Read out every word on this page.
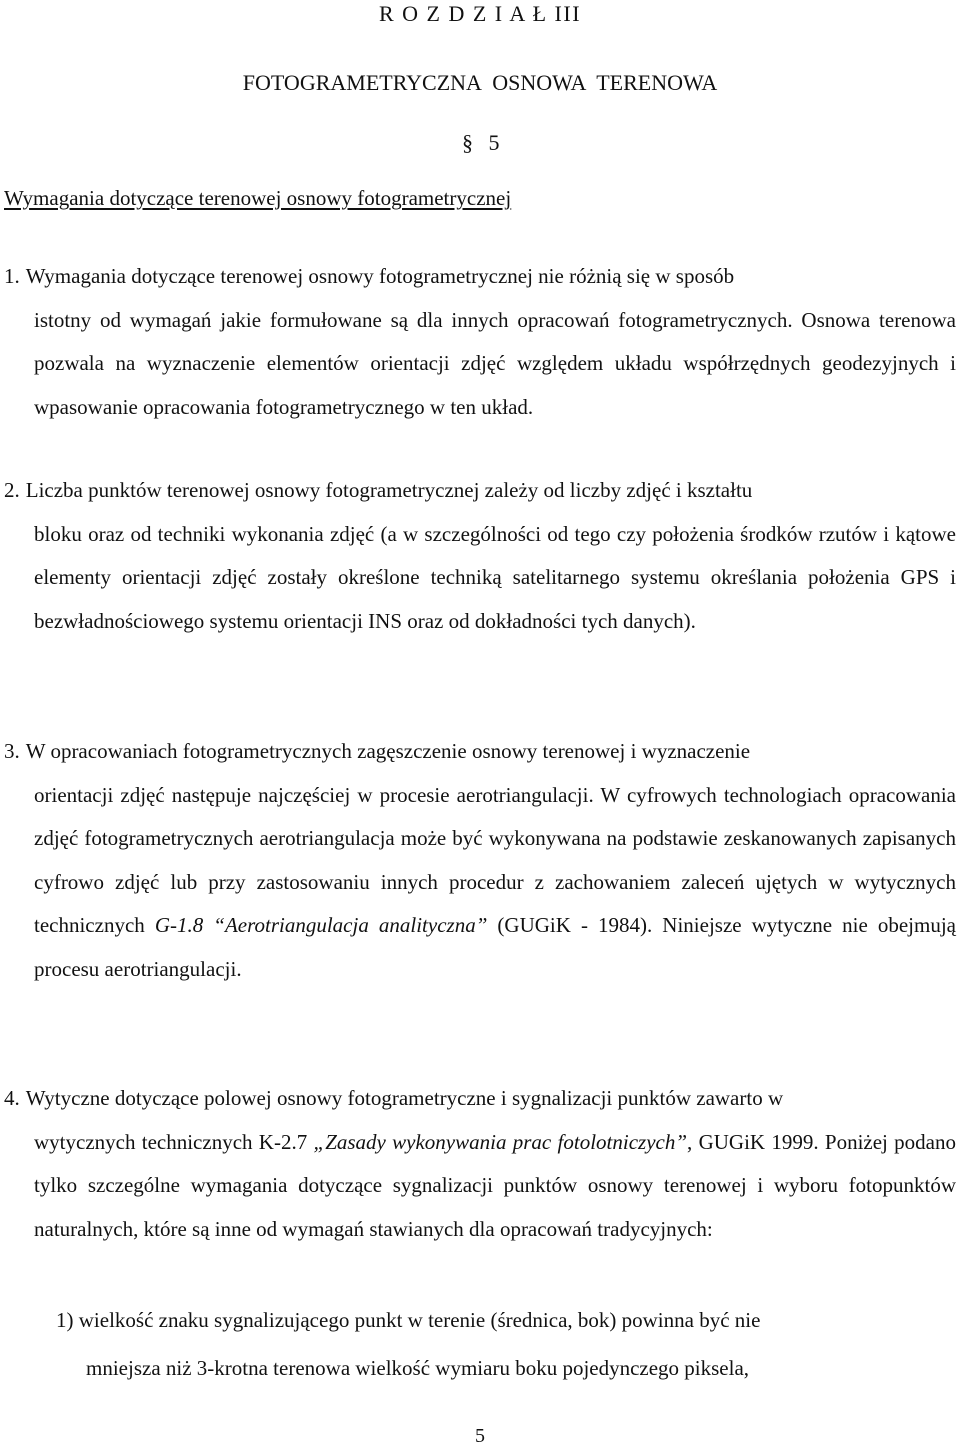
R O Z D Z I A Ł III
FOTOGRAMETRYCZNA OSNOWA TERENOWA
§ 5
Wymagania dotyczące terenowej osnowy fotogrametrycznej

1. Wymagania dotyczące terenowej osnowy fotogrametrycznej nie różnią się w sposób
istotny od wymagań jakie formułowane są dla innych opracowań fotogrametrycznych. Osnowa terenowa pozwala na wyznaczenie elementów orientacji zdjęć względem układu współrzędnych geodezyjnych i wpasowanie opracowania fotogrametrycznego w ten układ.

2. Liczba punktów terenowej osnowy fotogrametrycznej zależy od liczby zdjęć i kształtu
bloku oraz od techniki wykonania zdjęć (a w szczególności od tego czy położenia środków rzutów i kątowe elementy orientacji zdjęć zostały określone techniką satelitarnego systemu określania położenia GPS i bezwładnościowego systemu orientacji INS oraz od dokładności tych danych).

3. W opracowaniach fotogrametrycznych zagęszczenie osnowy terenowej i wyznaczenie
orientacji zdjęć następuje najczęściej w procesie aerotriangulacji. W cyfrowych technologiach opracowania zdjęć fotogrametrycznych aerotriangulacja może być wykonywana na podstawie zeskanowanych zapisanych cyfrowo zdjęć lub przy zastosowaniu innych procedur z zachowaniem zaleceń ujętych w wytycznych technicznych G-1.8 “Aerotriangulacja analityczna” (GUGiK - 1984). Niniejsze wytyczne nie obejmują procesu aerotriangulacji.

4. Wytyczne dotyczące polowej osnowy fotogrametryczne i sygnalizacji punktów zawarto w
wytycznych technicznych K-2.7 „Zasady wykonywania prac fotolotniczych”, GUGiK 1999. Poniżej podano tylko szczególne wymagania dotyczące sygnalizacji punktów osnowy terenowej i wyboru fotopunktów naturalnych, które są inne od wymagań stawianych dla opracowań tradycyjnych:

1) wielkość znaku sygnalizującego punkt w terenie (średnica, bok) powinna być nie
mniejsza niż 3-krotna terenowa wielkość wymiaru boku pojedynczego piksela,

5
